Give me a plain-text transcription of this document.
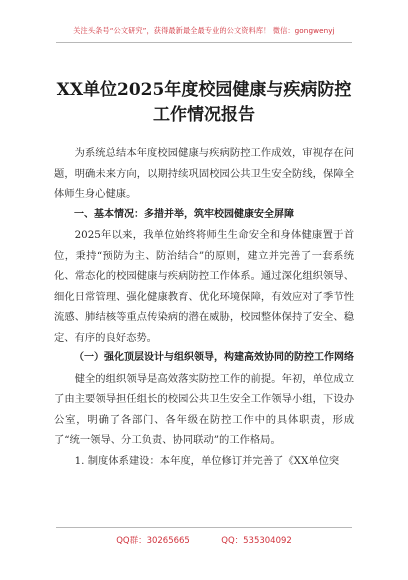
关注头条号“公文研究”，获得最新最全最专业的公文资料库！ 微信：gongwenyj
XX单位2025年度校园健康与疾病防控工作情况报告

为系统总结本年度校园健康与疾病防控工作成效，审视存在问题，明确未来方向，以期持续巩固校园公共卫生安全防线，保障全体师生身心健康。

一、基本情况：多措并举，筑牢校园健康安全屏障

2025年以来，我单位始终将师生生命安全和身体健康置于首位，秉持“预防为主、防治结合”的原则，建立并完善了一套系统化、常态化的校园健康与疾病防控工作体系。通过深化组织领导、细化日常管理、强化健康教育、优化环境保障，有效应对了季节性流感、肺结核等重点传染病的潜在威胁，校园整体保持了安全、稳定、有序的良好态势。

（一）强化顶层设计与组织领导，构建高效协同的防控工作网络

健全的组织领导是高效落实防控工作的前提。年初，单位成立了由主要领导担任组长的校园公共卫生安全工作领导小组，下设办公室，明确了各部门、各年级在防控工作中的具体职责，形成了“统一领导、分工负责、协同联动”的工作格局。

1. 制度体系建设：本年度，单位修订并完善了《XX单位突

QQ群：30265665	QQ：535304092
